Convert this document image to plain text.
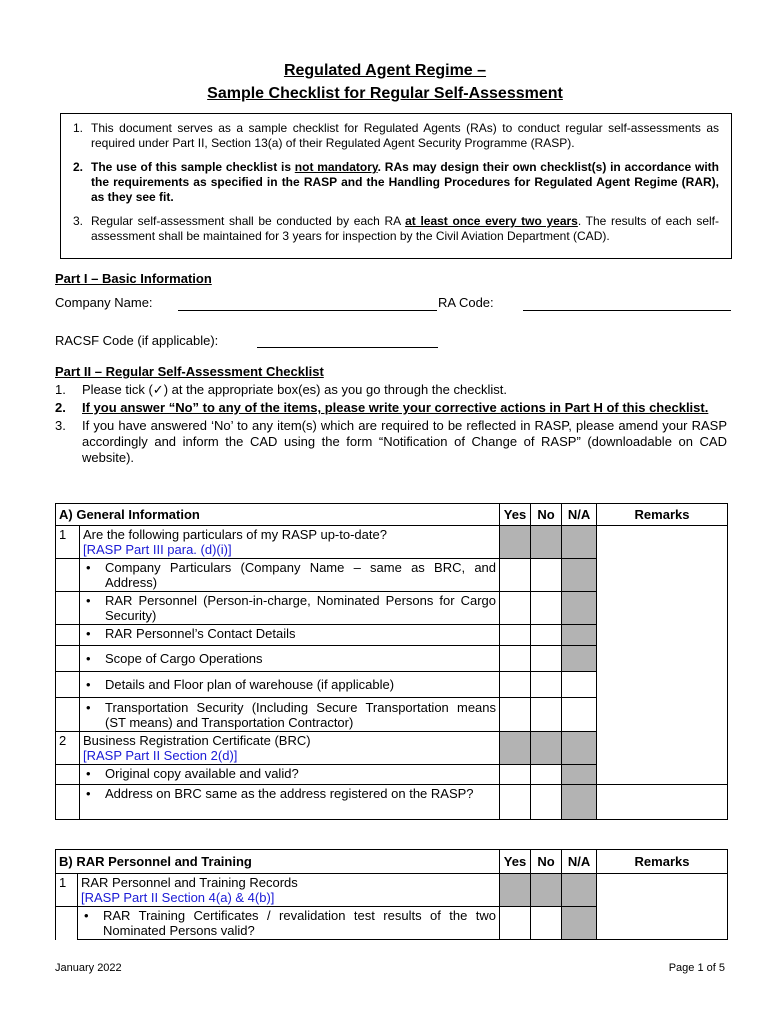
Regulated Agent Regime –
Sample Checklist for Regular Self-Assessment
1. This document serves as a sample checklist for Regulated Agents (RAs) to conduct regular self-assessments as required under Part II, Section 13(a) of their Regulated Agent Security Programme (RASP).
2. The use of this sample checklist is not mandatory. RAs may design their own checklist(s) in accordance with the requirements as specified in the RASP and the Handling Procedures for Regulated Agent Regime (RAR), as they see fit.
3. Regular self-assessment shall be conducted by each RA at least once every two years. The results of each self-assessment shall be maintained for 3 years for inspection by the Civil Aviation Department (CAD).
Part I – Basic Information
Company Name:	RA Code:
RACSF Code (if applicable):
Part II – Regular Self-Assessment Checklist
1.	Please tick (✓) at the appropriate box(es) as you go through the checklist.
2.	If you answer “No” to any of the items, please write your corrective actions in Part H of this checklist.
3.	If you have answered ‘No’ to any item(s) which are required to be reflected in RASP, please amend your RASP accordingly and inform the CAD using the form “Notification of Change of RASP” (downloadable on CAD website).
A) General Information		Yes	No	N/A	Remarks
1	Are the following particulars of my RASP up-to-date?
[RASP Part III para. (d)(i)]				

	• Company Particulars (Company Name – same as BRC, and Address)				

	• RAR Personnel (Person-in-charge, Nominated Persons for Cargo Security)				

	• RAR Personnel’s Contact Details				

	• Scope of Cargo Operations				

	• Details and Floor plan of warehouse (if applicable)				

	• Transportation Security (Including Secure Transportation means (ST means) and Transportation Contractor)				

2	Business Registration Certificate (BRC)
[RASP Part II Section 2(d)]				

	• Original copy available and valid?				

	• Address on BRC same as the address registered on the RASP?				

B) RAR Personnel and Training		Yes	No	N/A	Remarks
1	RAR Personnel and Training Records
[RASP Part II Section 4(a) & 4(b)]				

	• RAR Training Certificates / revalidation test results of the two Nominated Persons valid?				

January 2022	Page 1 of 5
